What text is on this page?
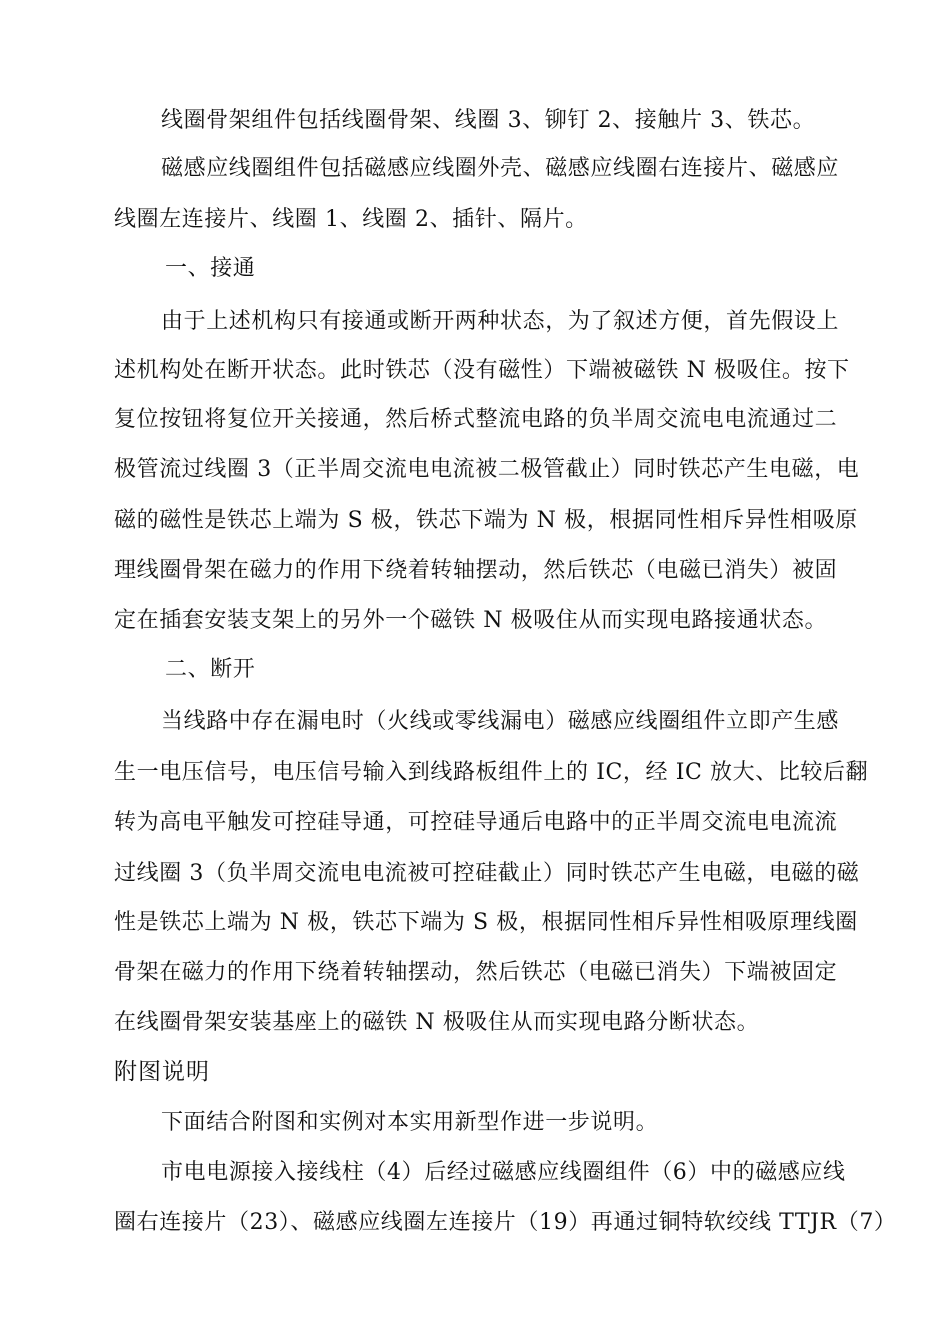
线圈骨架组件包括线圈骨架、线圈 3、铆钉 2、接触片 3、铁芯。
磁感应线圈组件包括磁感应线圈外壳、磁感应线圈右连接片、磁感应
线圈左连接片、线圈 1、线圈 2、插针、隔片。
一、接通
由于上述机构只有接通或断开两种状态，为了叙述方便，首先假设上
述机构处在断开状态。此时铁芯（没有磁性）下端被磁铁 N 极吸住。按下
复位按钮将复位开关接通，然后桥式整流电路的负半周交流电电流通过二
极管流过线圈 3（正半周交流电电流被二极管截止）同时铁芯产生电磁，电
磁的磁性是铁芯上端为 S 极，铁芯下端为 N 极，根据同性相斥异性相吸原
理线圈骨架在磁力的作用下绕着转轴摆动，然后铁芯（电磁已消失）被固
定在插套安装支架上的另外一个磁铁 N 极吸住从而实现电路接通状态。
二、断开
当线路中存在漏电时（火线或零线漏电）磁感应线圈组件立即产生感
生一电压信号，电压信号输入到线路板组件上的 IC，经 IC 放大、比较后翻
转为高电平触发可控硅导通，可控硅导通后电路中的正半周交流电电流流
过线圈 3（负半周交流电电流被可控硅截止）同时铁芯产生电磁，电磁的磁
性是铁芯上端为 N 极，铁芯下端为 S 极，根据同性相斥异性相吸原理线圈
骨架在磁力的作用下绕着转轴摆动，然后铁芯（电磁已消失）下端被固定
在线圈骨架安装基座上的磁铁 N 极吸住从而实现电路分断状态。
附图说明
下面结合附图和实例对本实用新型作进一步说明。
市电电源接入接线柱（4）后经过磁感应线圈组件（6）中的磁感应线
圈右连接片（23）、磁感应线圈左连接片（19）再通过铜特软绞线 TTJR（7）
